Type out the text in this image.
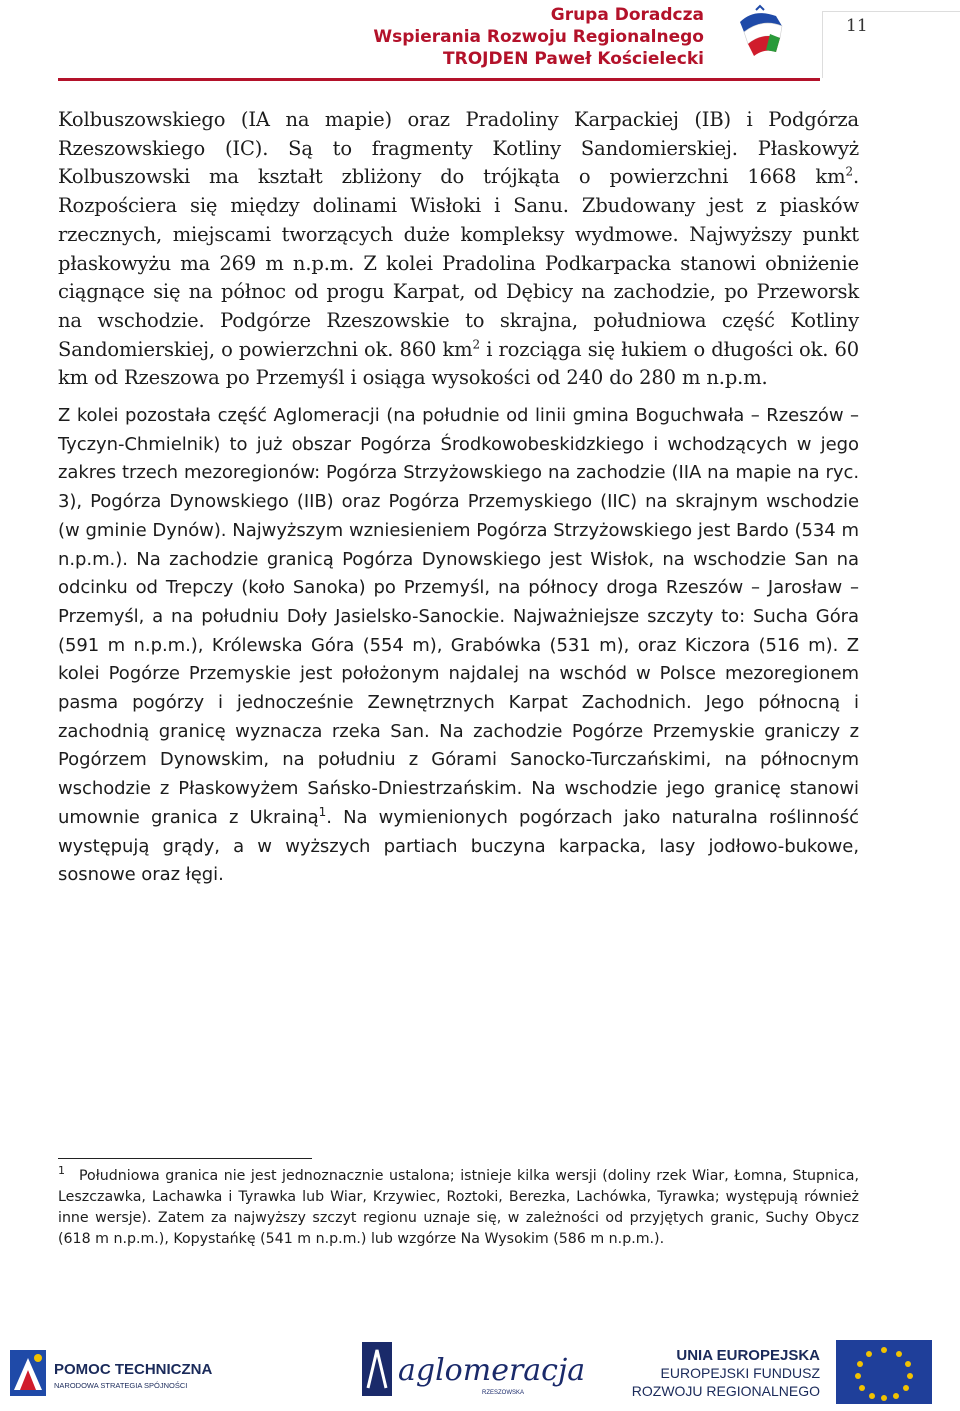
Grupa Doradcza
Wspierania Rozwoju Regionalnego
TROJDEN Paweł Kościelecki
11

Kolbuszowskiego (IA na mapie) oraz Pradoliny Karpackiej (IB) i Podgórza Rzeszowskiego (IC). Są to fragmenty Kotliny Sandomierskiej. Płaskowyż Kolbuszowski ma kształt zbliżony do trójkąta o powierzchni 1668 $km^2$. Rozpościera się między dolinami Wisłoki i Sanu. Zbudowany jest z piasków rzecznych, miejscami tworzących duże kompleksy wydmowe. Najwyższy punkt płaskowyżu ma 269 m n.p.m. Z kolei Pradolina Podkarpacka stanowi obniżenie ciągnące się na północ od progu Karpat, od Dębicy na zachodzie, po Przeworsk na wschodzie. Podgórze Rzeszowskie to skrajna, południowa część Kotliny Sandomierskiej, o powierzchni ok. 860 $km^2$ i rozciąga się łukiem o długości ok. 60 km od Rzeszowa po Przemyśl i osiąga wysokości od 240 do 280 m n.p.m.

Z kolei pozostała część Aglomeracji (na południe od linii gmina Boguchwała – Rzeszów – Tyczyn-Chmielnik) to już obszar Pogórza Środkowobeskidzkiego i wchodzących w jego zakres trzech mezoregionów: Pogórza Strzyżowskiego na zachodzie (IIA na mapie na ryc. 3), Pogórza Dynowskiego (IIB) oraz Pogórza Przemyskiego (IIC) na skrajnym wschodzie (w gminie Dynów). Najwyższym wzniesieniem Pogórza Strzyżowskiego jest Bardo (534 m n.p.m.). Na zachodzie granicą Pogórza Dynowskiego jest Wisłok, na wschodzie San na odcinku od Trepczy (koło Sanoka) po Przemyśl, na północy droga Rzeszów – Jarosław – Przemyśl, a na południu Doły Jasielsko-Sanockie. Najważniejsze szczyty to: Sucha Góra (591 m n.p.m.), Królewska Góra (554 m), Grabówka (531 m), oraz Kiczora (516 m). Z kolei Pogórze Przemyskie jest położonym najdalej na wschód w Polsce mezoregionem pasma pogórzy i jednocześnie Zewnętrznych Karpat Zachodnich. Jego północną i zachodnią granicę wyznacza rzeka San. Na zachodzie Pogórze Przemyskie graniczy z Pogórzem Dynowskim, na południu z Górami Sanocko-Turczańskimi, na północnym wschodzie z Płaskowyżem Sańsko-Dniestrzańskim. Na wschodzie jego granicę stanowi umownie granica z Ukrainą$^1$. Na wymienionych pogórzach jako naturalna roślinność występują grądy, a w wyższych partiach buczyna karpacka, lasy jodłowo-bukowe, sosnowe oraz łęgi.

$^1$ Południowa granica nie jest jednoznacznie ustalona; istnieje kilka wersji (doliny rzek Wiar, Łomna, Stupnica, Leszczawka, Lachawka i Tyrawka lub Wiar, Krzywiec, Roztoki, Berezka, Lachówka, Tyrawka; występują również inne wersje). Zatem za najwyższy szczyt regionu uznaje się, w zależności od przyjętych granic, Suchy Obycz (618 m n.p.m.), Kopystańkę (541 m n.p.m.) lub wzgórze Na Wysokim (586 m n.p.m.).

POMOC TECHNICZNA
NARODOWA STRATEGIA SPÓJNOŚCI	aglomeracja
RZESZOWSKA
UNIA EUROPEJSKA
EUROPEJSKI FUNDUSZ
ROZWOJU REGIONALNEGO
